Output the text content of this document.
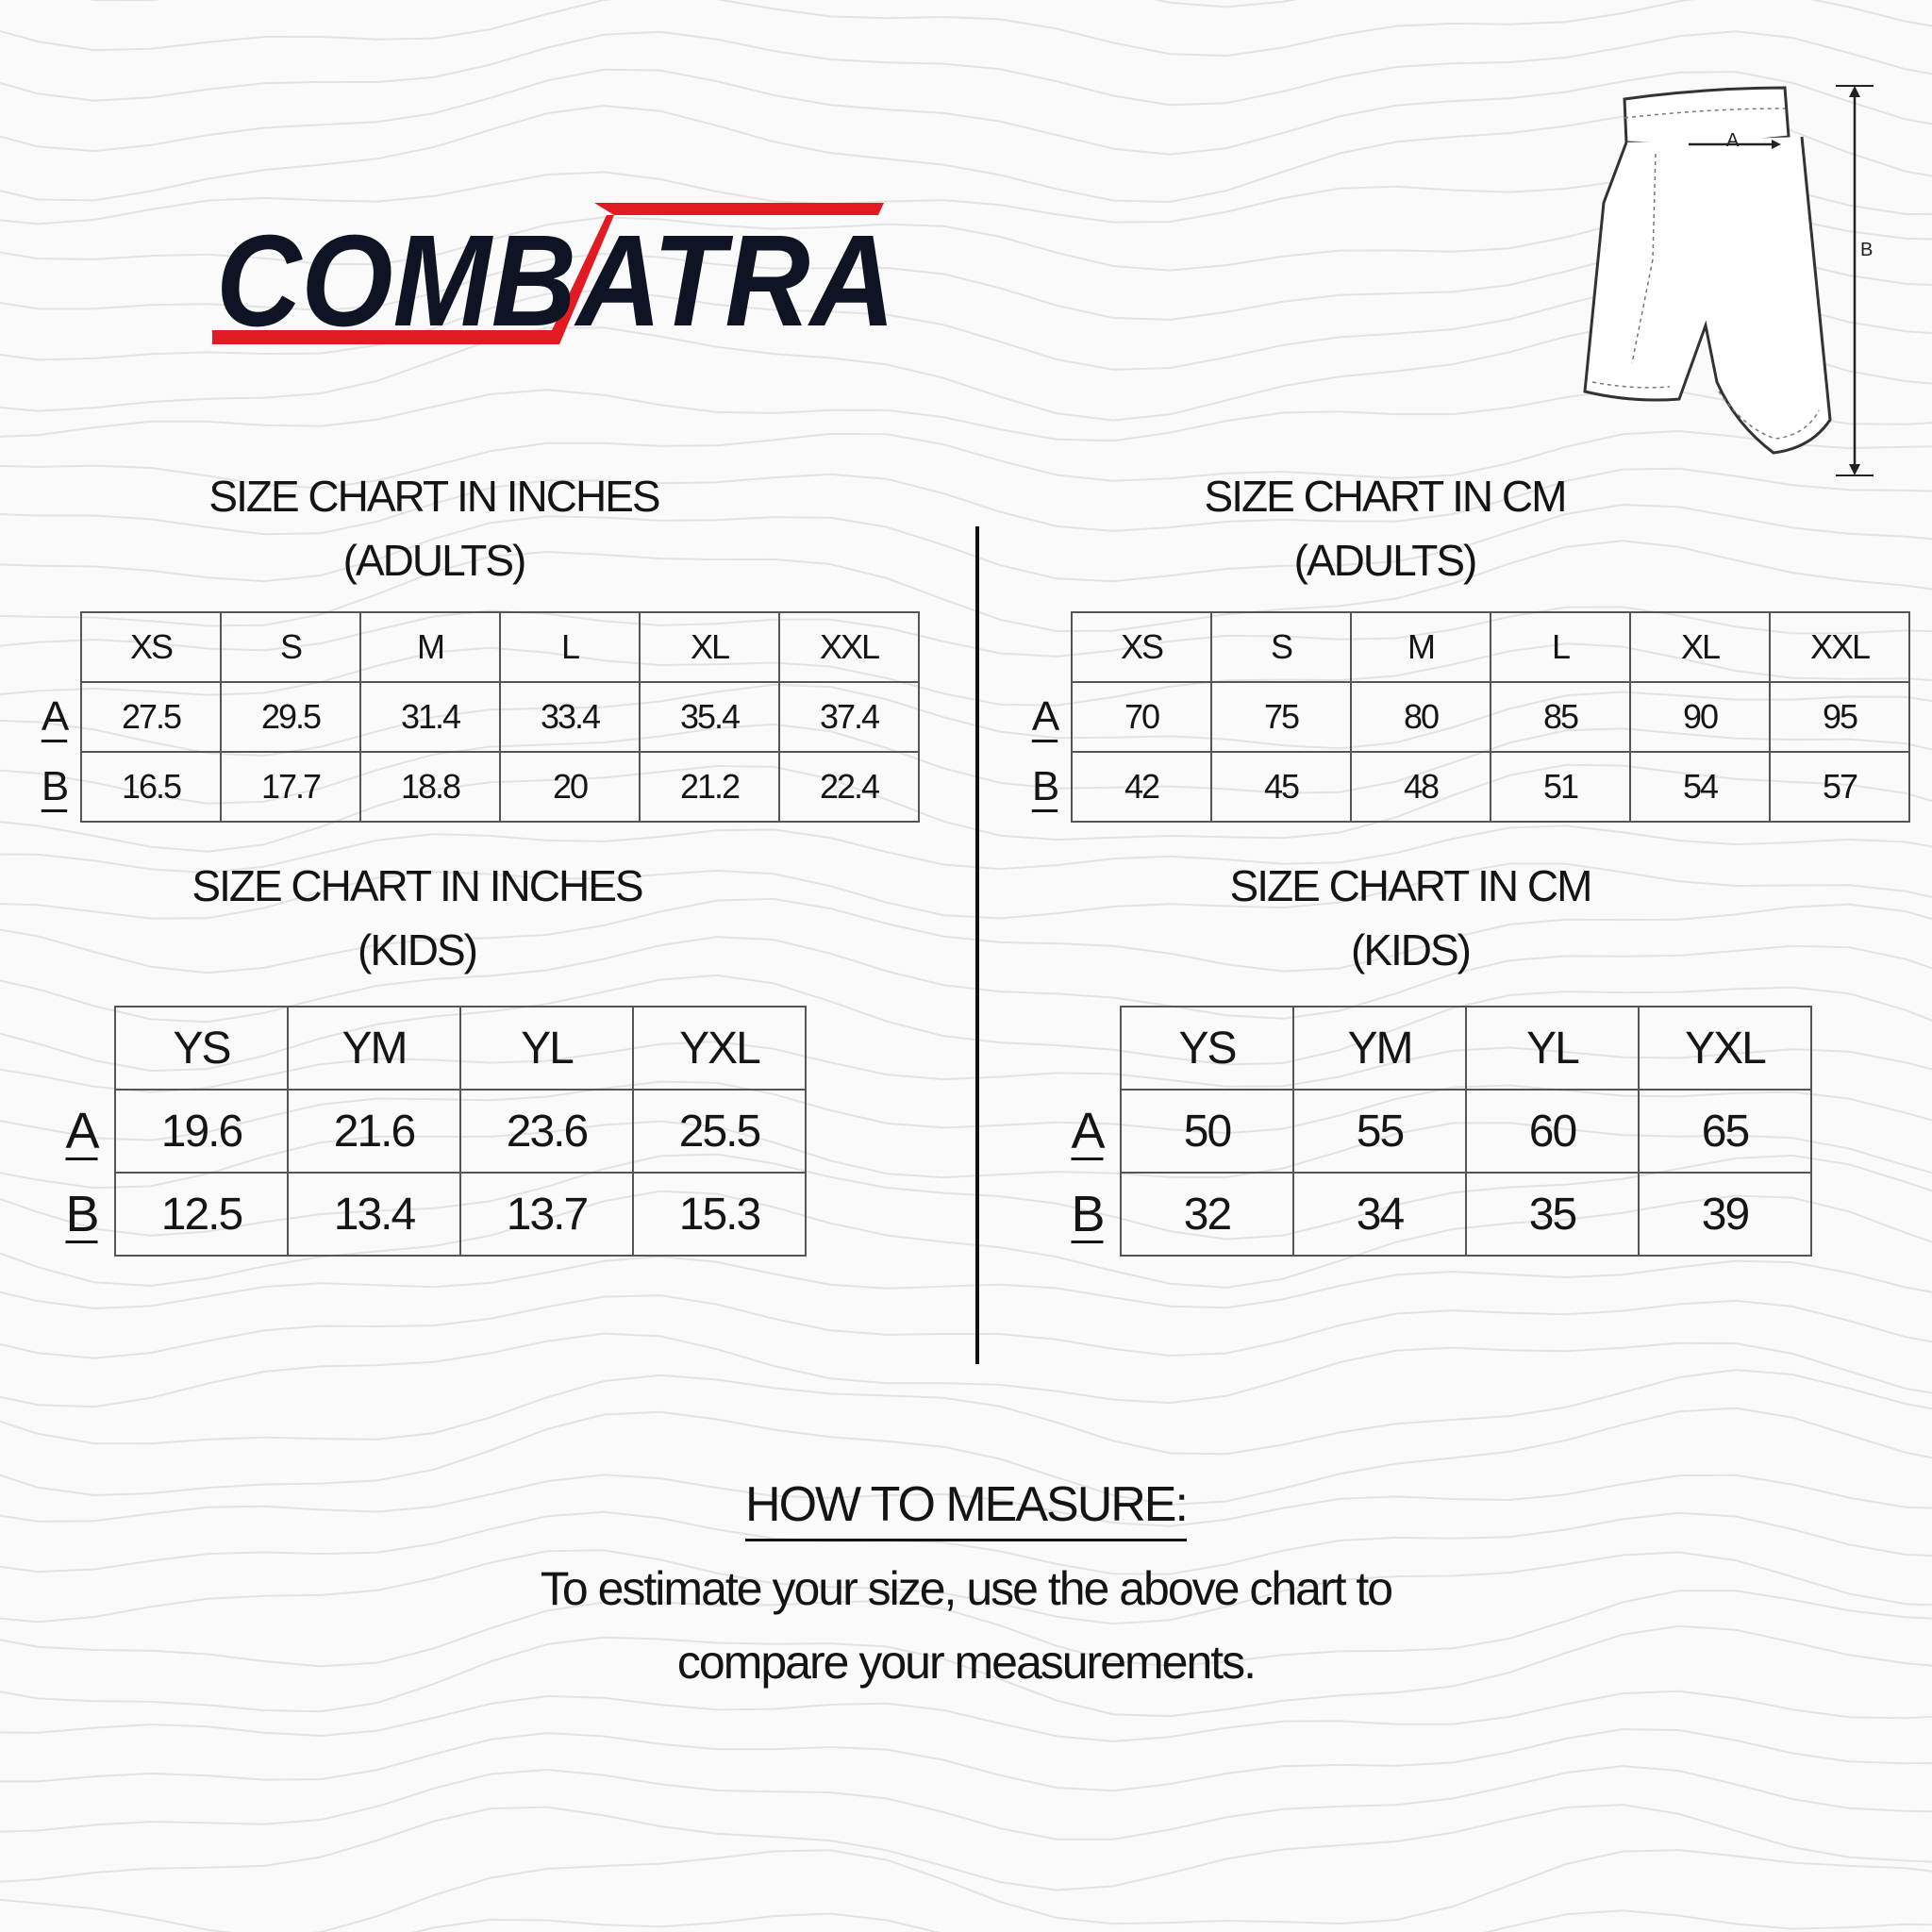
COMBATRA
A
B
SIZE CHART IN INCHES
(ADULTS)
SIZE CHART IN CM
(ADULTS)
SIZE CHART IN INCHES
(KIDS)
SIZE CHART IN CM
(KIDS)
	XS	S	M	L	XL	XXL
A	27.5	29.5	31.4	33.4	35.4	37.4
B	16.5	17.7	18.8	20	21.2	22.4
	XS	S	M	L	XL	XXL
A	70	75	80	85	90	95
B	42	45	48	51	54	57
	YS	YM	YL	YXL
A	19.6	21.6	23.6	25.5
B	12.5	13.4	13.7	15.3
	YS	YM	YL	YXL
A	50	55	60	65
B	32	34	35	39
HOW TO MEASURE:
To estimate your size, use the above chart to
compare your measurements.
